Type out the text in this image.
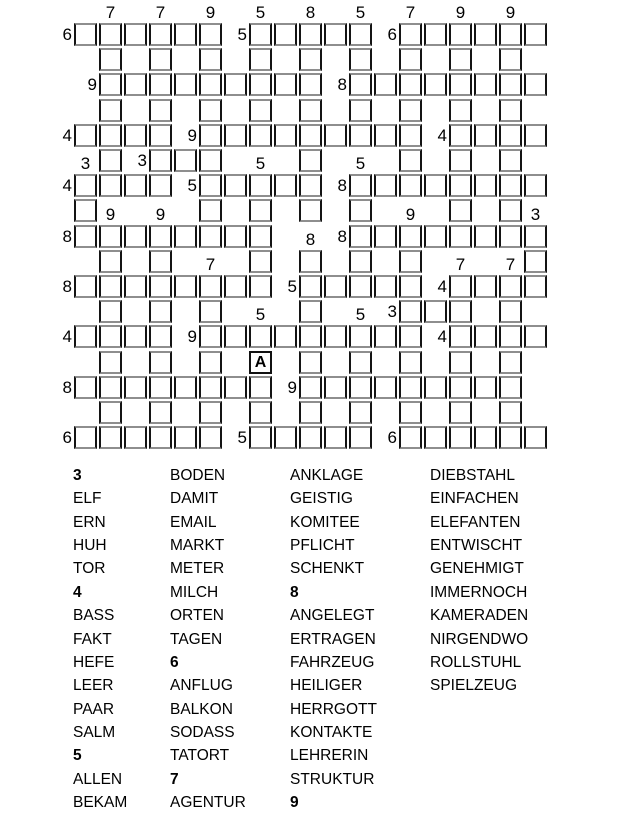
A
7	7	9	5	8	5	7	9	9
6	5	6
9	8
4	9	4
3
3	5	5
4	5	8
9	9	9	3
8	8
8
7	7	7
8	5	4
3
5	5
4	9	4
8	9
6	5	6
3
ELF
ERN
HUH
TOR
4
BASS
FAKT
HEFE
LEER
PAAR
SALM
5
ALLEN
BEKAM
BODEN
DAMIT
EMAIL
MARKT
METER
MILCH
ORTEN
TAGEN
6
ANFLUG
BALKON
SODASS
TATORT
7
AGENTUR
ANKLAGE
GEISTIG
KOMITEE
PFLICHT
SCHENKT
8
ANGELEGT
ERTRAGEN
FAHRZEUG
HEILIGER
HERRGOTT
KONTAKTE
LEHRERIN
STRUKTUR
9
DIEBSTAHL
EINFACHEN
ELEFANTEN
ENTWISCHT
GENEHMIGT
IMMERNOCH
KAMERADEN
NIRGENDWO
ROLLSTUHL
SPIELZEUG
